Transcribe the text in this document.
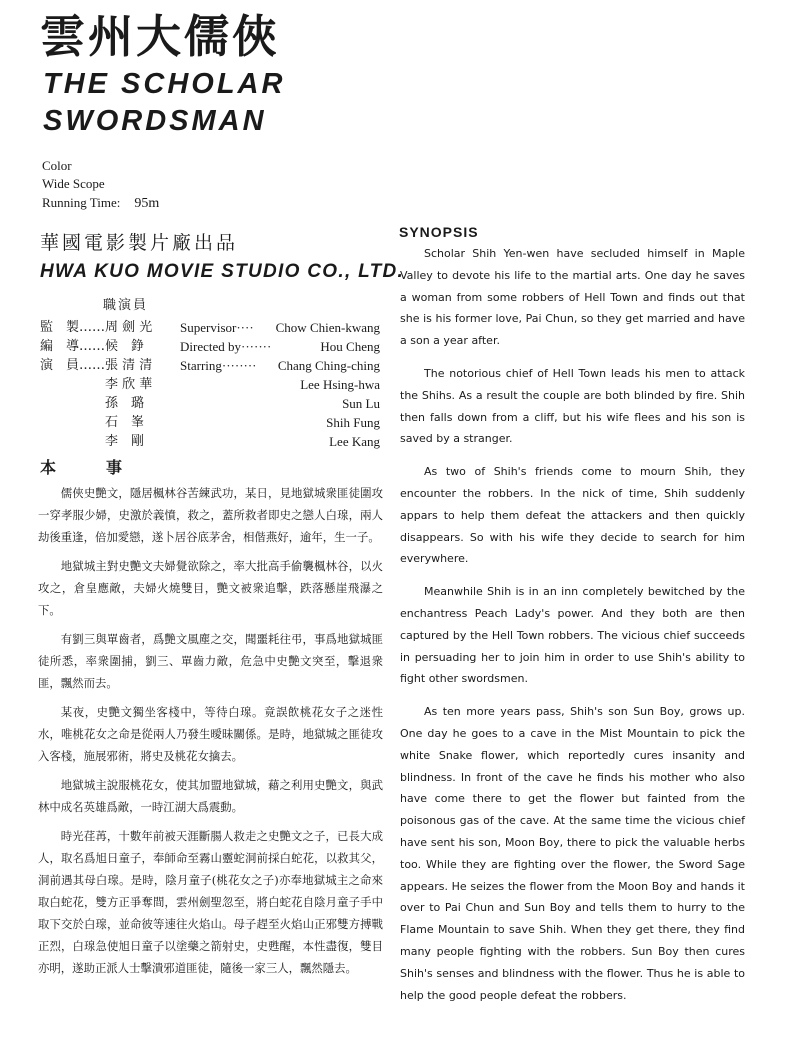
雲州大儒俠
THE SCHOLAR
SWORDSMAN
Color
Wide Scope
Running Time: 95m
華國電影製片廠出品
HWA KUO MOVIE STUDIO CO., LTD.
職演員
監　製……周 劍 光 Supervisor···· Chow Chien-kwang
編　導……候　錚	Directed by·······	Hou Cheng
演　員……張 清 清 Starring········ Chang Ching-ching
　　　　　李 欣 華	Lee Hsing-hwa
　　　　　孫　璐	Sun Lu
　　　　　石　峯	Shih Fung
　　　　　李　剛	Lee Kang
本	事

儒俠史艷文，隱居楓林谷苦練武功，某日，見地獄城衆匪徒圍攻一穿孝服少婦，史激於義憤，救之，蓋所救者即史之戀人白瑔，兩人劫後重逢，倍加愛戀，遂卜居谷底茅舍，相偕燕好，逾年，生一子。

地獄城主對史艷文夫婦覺欲除之，率大批高手偷襲楓林谷，以火攻之，倉皇應敵，夫婦火燒雙目，艷文被衆追擊，跌落懸崖飛瀑之下。

有劉三與單齒者，爲艷文風塵之交，聞噩耗往弔，事爲地獄城匪徒所悉，率衆圍捕，劉三、單齒力敵，危急中史艷文突至，擊退衆匪，飄然而去。

某夜，史艷文獨坐客棧中，等待白瑔。竟誤飲桃花女子之迷性水，唯桃花女之命是從兩人乃發生曖昧關係。是時，地獄城之匪徒攻入客棧，施展邪術，將史及桃花女擒去。

地獄城主說服桃花女，使其加盟地獄城，藉之利用史艷文，與武林中成名英雄爲敵，一時江湖大爲震動。

時光荏苒，十數年前被天涯斷腸人救走之史艷文之子，已長大成人，取名爲旭日童子，奉師命至霧山靈蛇洞前採白蛇花，以救其父，洞前遇其母白瑔。是時，陰月童子(桃花女之子)亦奉地獄城主之命來取白蛇花，雙方正爭奪間，雲州劍聖忽至，將白蛇花自陰月童子手中取下交於白瑔，並命彼等速往火焰山。母子趕至火焰山正邪雙方搏戰正烈，白瑔急使旭日童子以塗藥之箭射史，史甦醒，本性盡復，雙目亦明，遂助正派人士擊潰邪道匪徒，隨後一家三人，飄然隱去。

SYNOPSIS

Scholar Shih Yen-wen have secluded himself in Maple Valley to devote his life to the martial arts. One day he saves a woman from some robbers of Hell Town and finds out that she is his former love, Pai Chun, so they get married and have a son a year after.

The notorious chief of Hell Town leads his men to attack the Shihs. As a result the couple are both blinded by fire. Shih then falls down from a cliff, but his wife flees and his son is saved by a stranger.

As two of Shih's friends come to mourn Shih, they encounter the robbers. In the nick of time, Shih suddenly appars to help them defeat the attackers and then quickly disappears. So with his wife they decide to search for him everywhere.

Meanwhile Shih is in an inn completely bewitched by the enchantress Peach Lady's power. And they both are then captured by the Hell Town robbers. The vicious chief succeeds in persuading her to join him in order to use Shih's ability to fight other swordsmen.

As ten more years pass, Shih's son Sun Boy, grows up. One day he goes to a cave in the Mist Mountain to pick the white Snake flower, which reportedly cures insanity and blindness. In front of the cave he finds his mother who also have come there to get the flower but fainted from the poisonous gas of the cave. At the same time the vicious chief have sent his son, Moon Boy, there to pick the valuable herbs too. While they are fighting over the flower, the Sword Sage appears. He seizes the flower from the Moon Boy and hands it over to Pai Chun and Sun Boy and tells them to hurry to the Flame Mountain to save Shih. When they get there, they find many people fighting with the robbers. Sun Boy then cures Shih's senses and blindness with the flower. Thus he is able to help the good people defeat the robbers.
